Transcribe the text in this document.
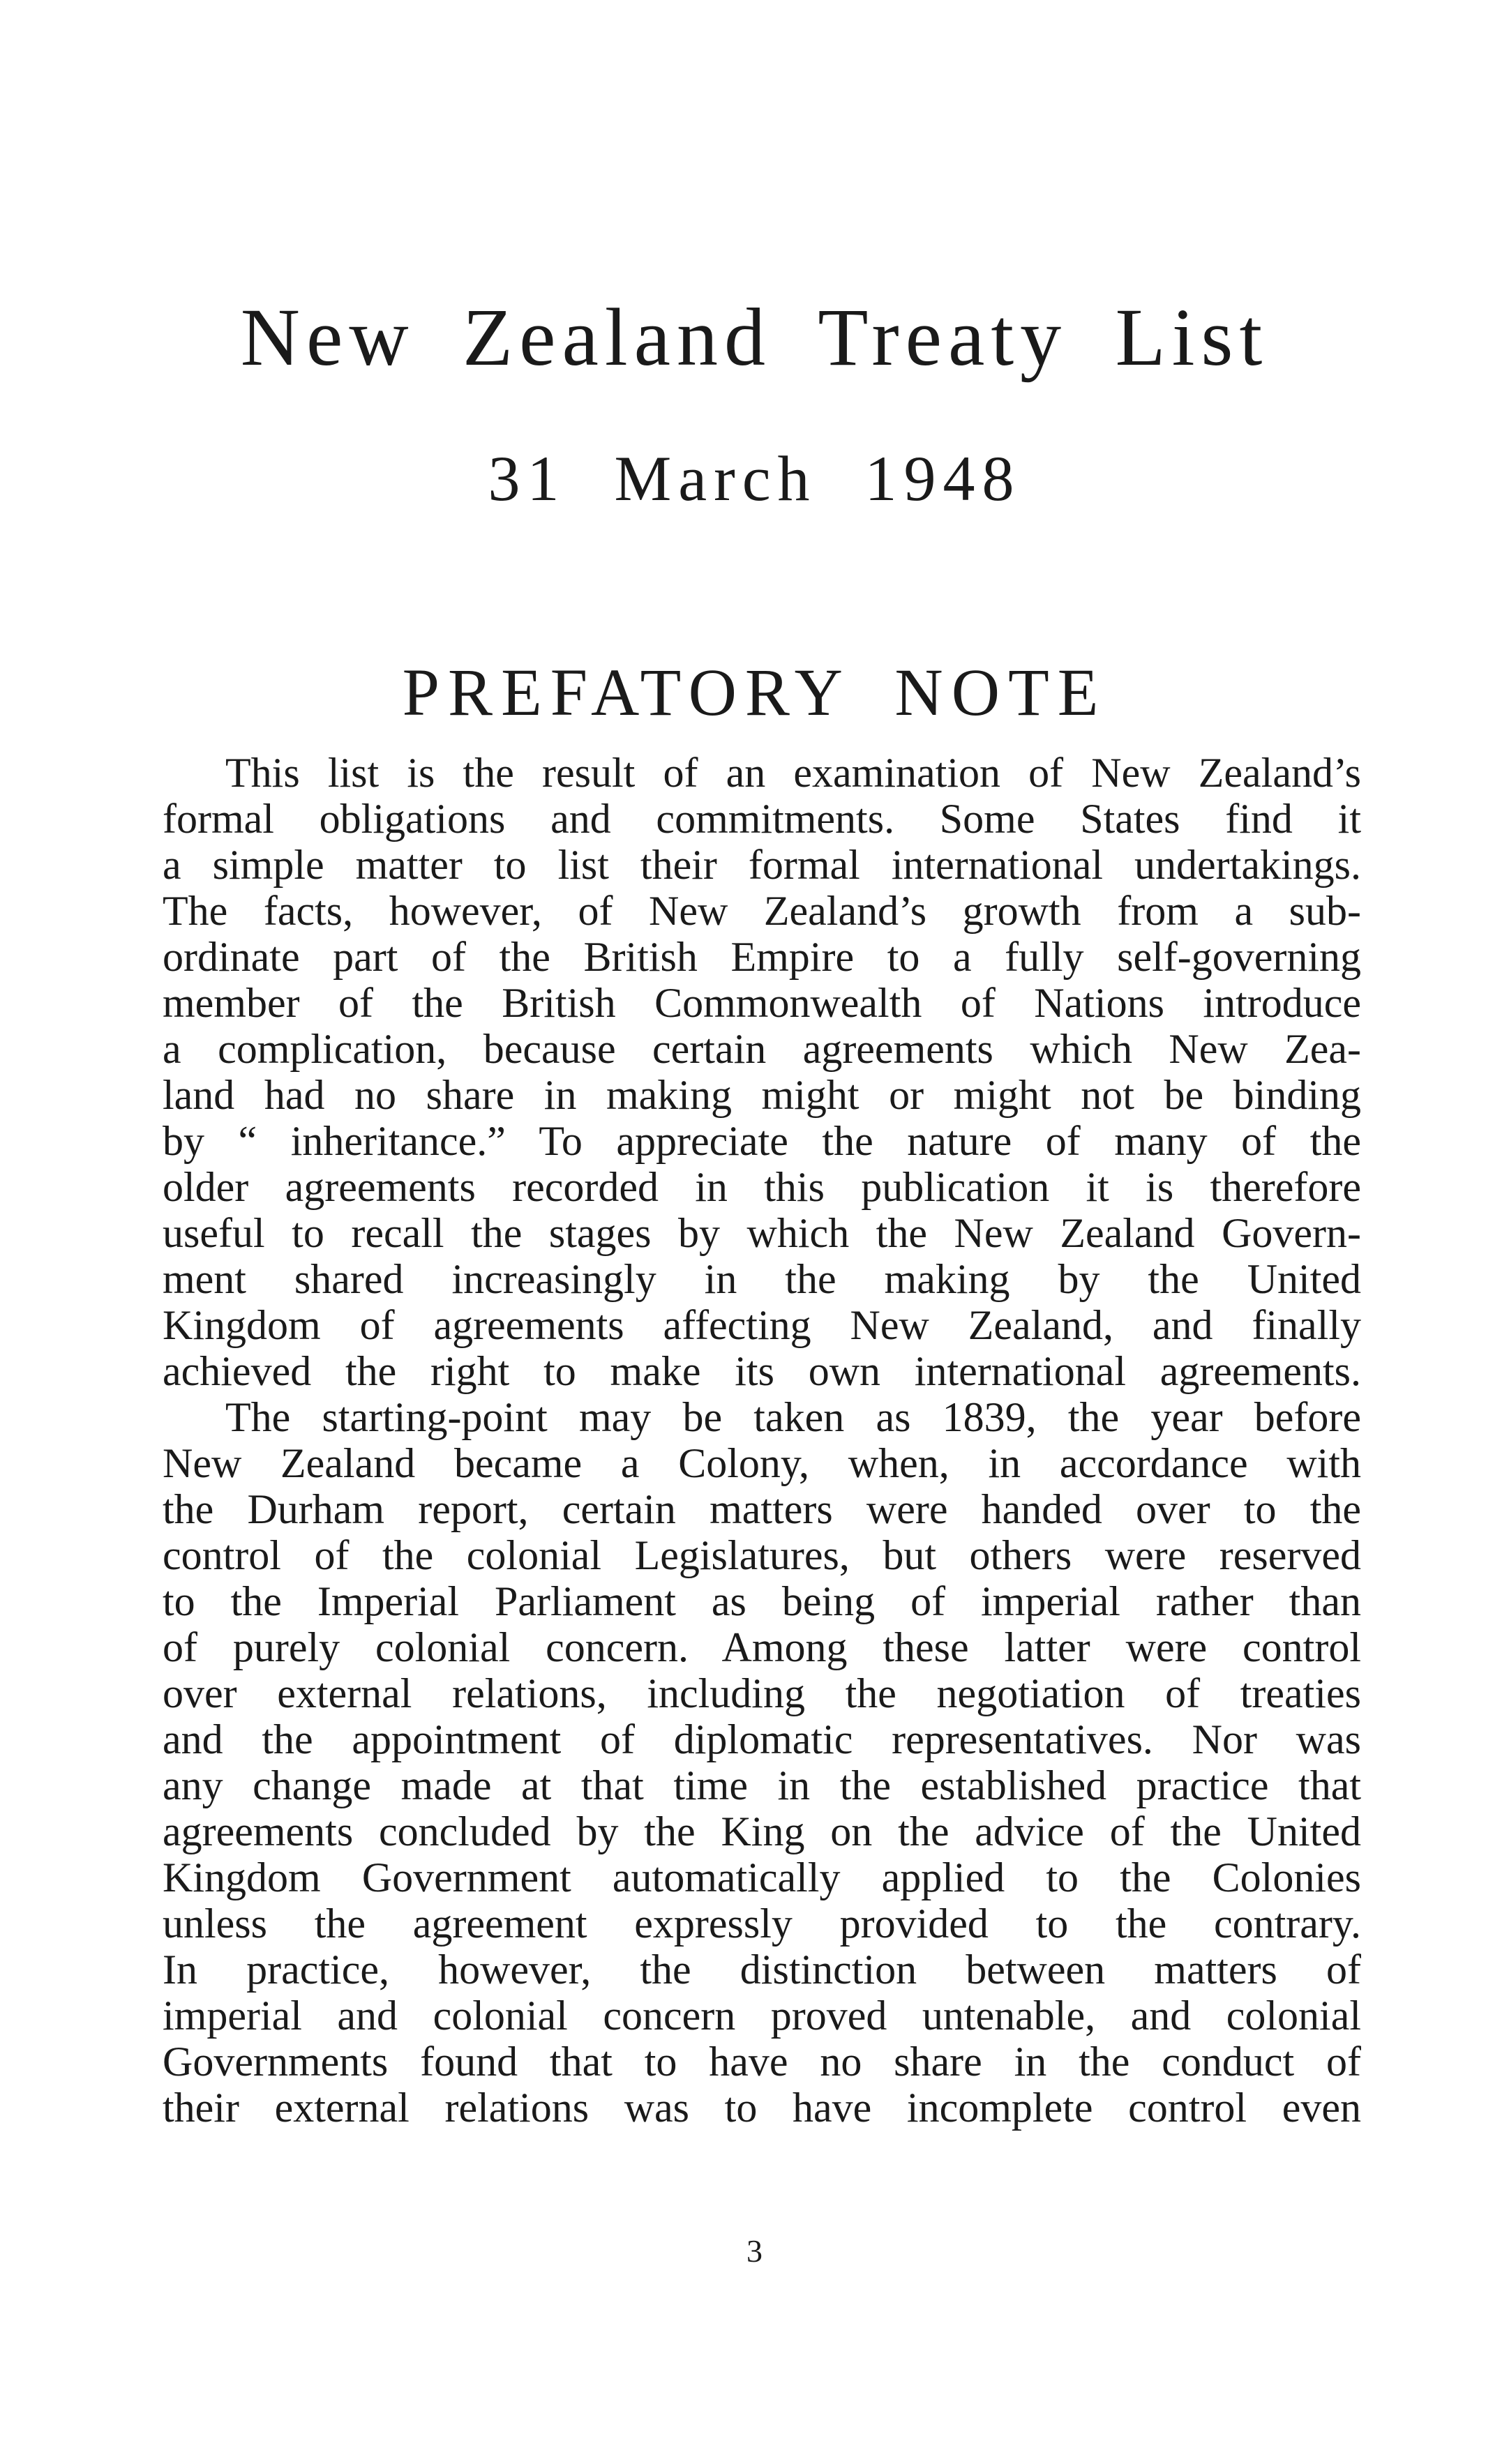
New Zealand Treaty List
31 March 1948
PREFATORY NOTE
This list is the result of an examination of New Zealand’s
formal obligations and commitments. Some States find it
a simple matter to list their formal international undertakings.
The facts, however, of New Zealand’s growth from a sub-
ordinate part of the British Empire to a fully self-governing
member of the British Commonwealth of Nations introduce
a complication, because certain agreements which New Zea-
land had no share in making might or might not be binding
by “ inheritance.” To appreciate the nature of many of the
older agreements recorded in this publication it is therefore
useful to recall the stages by which the New Zealand Govern-
ment shared increasingly in the making by the United
Kingdom of agreements affecting New Zealand, and finally
achieved the right to make its own international agreements.
The starting-point may be taken as 1839, the year before
New Zealand became a Colony, when, in accordance with
the Durham report, certain matters were handed over to the
control of the colonial Legislatures, but others were reserved
to the Imperial Parliament as being of imperial rather than
of purely colonial concern. Among these latter were control
over external relations, including the negotiation of treaties
and the appointment of diplomatic representatives. Nor was
any change made at that time in the established practice that
agreements concluded by the King on the advice of the United
Kingdom Government automatically applied to the Colonies
unless the agreement expressly provided to the contrary.
In practice, however, the distinction between matters of
imperial and colonial concern proved untenable, and colonial
Governments found that to have no share in the conduct of
their external relations was to have incomplete control even
3
